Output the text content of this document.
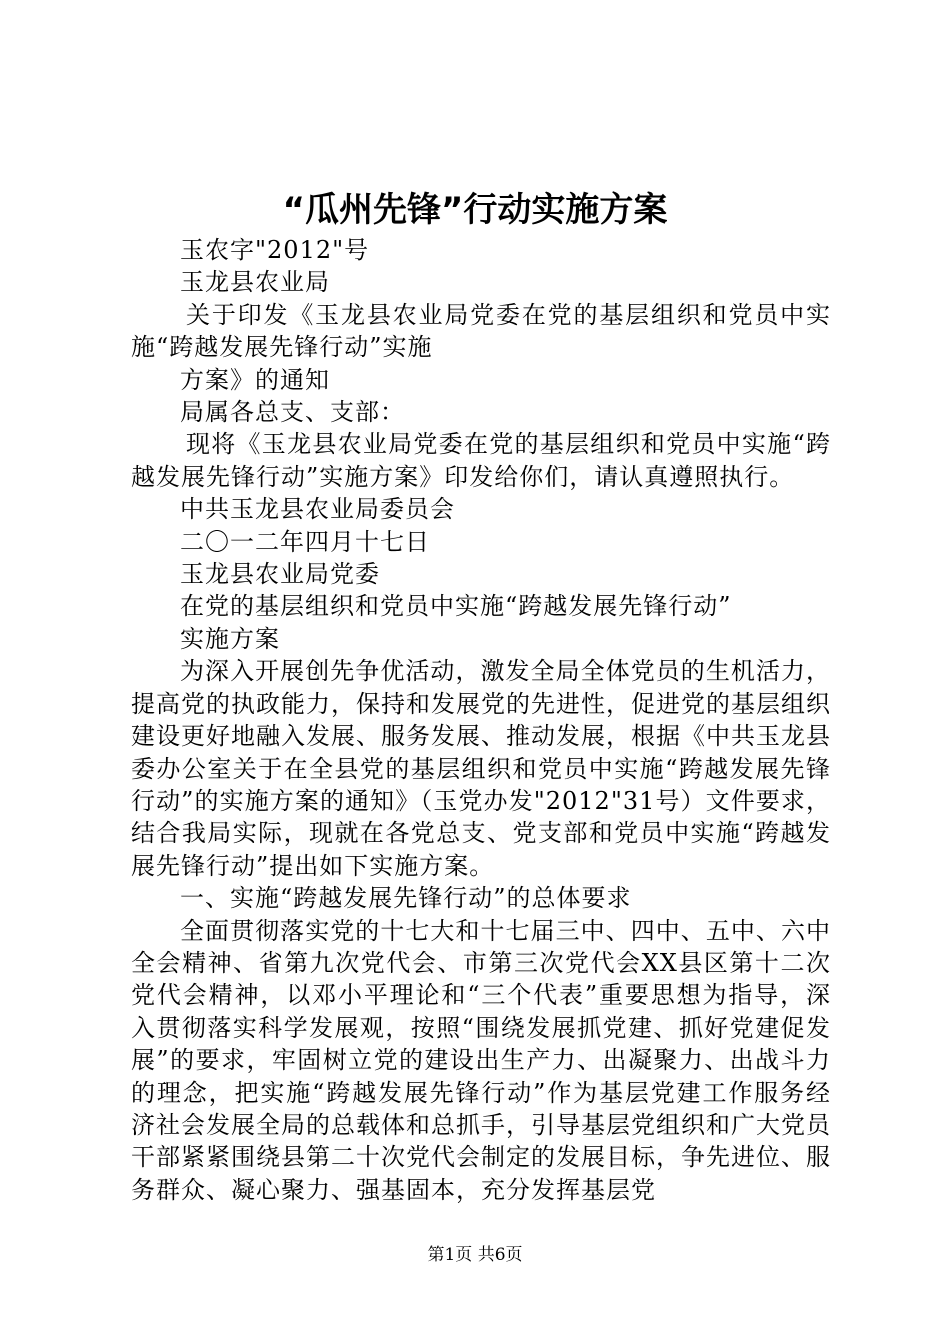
“瓜州先锋”行动实施方案

玉农字"2012"号

玉龙县农业局

关于印发《玉龙县农业局党委在党的基层组织和党员中实施“跨越发展先锋行动”实施

方案》的通知

局属各总支、支部：

现将《玉龙县农业局党委在党的基层组织和党员中实施“跨越发展先锋行动”实施方案》印发给你们，请认真遵照执行。

中共玉龙县农业局委员会

二〇一二年四月十七日

玉龙县农业局党委

在党的基层组织和党员中实施“跨越发展先锋行动”

实施方案

为深入开展创先争优活动，激发全局全体党员的生机活力，提高党的执政能力，保持和发展党的先进性，促进党的基层组织建设更好地融入发展、服务发展、推动发展，根据《中共玉龙县委办公室关于在全县党的基层组织和党员中实施“跨越发展先锋行动”的实施方案的通知》（玉党办发"2012"31号）文件要求，结合我局实际，现就在各党总支、党支部和党员中实施“跨越发展先锋行动”提出如下实施方案。

一、实施“跨越发展先锋行动”的总体要求

全面贯彻落实党的十七大和十七届三中、四中、五中、六中全会精神、省第九次党代会、市第三次党代会XX县区第十二次党代会精神，以邓小平理论和“三个代表”重要思想为指导，深入贯彻落实科学发展观，按照“围绕发展抓党建、抓好党建促发展”的要求，牢固树立党的建设出生产力、出凝聚力、出战斗力的理念，把实施“跨越发展先锋行动”作为基层党建工作服务经济社会发展全局的总载体和总抓手，引导基层党组织和广大党员干部紧紧围绕县第二十次党代会制定的发展目标，争先进位、服务群众、凝心聚力、强基固本，充分发挥基层党

第1页 共6页
